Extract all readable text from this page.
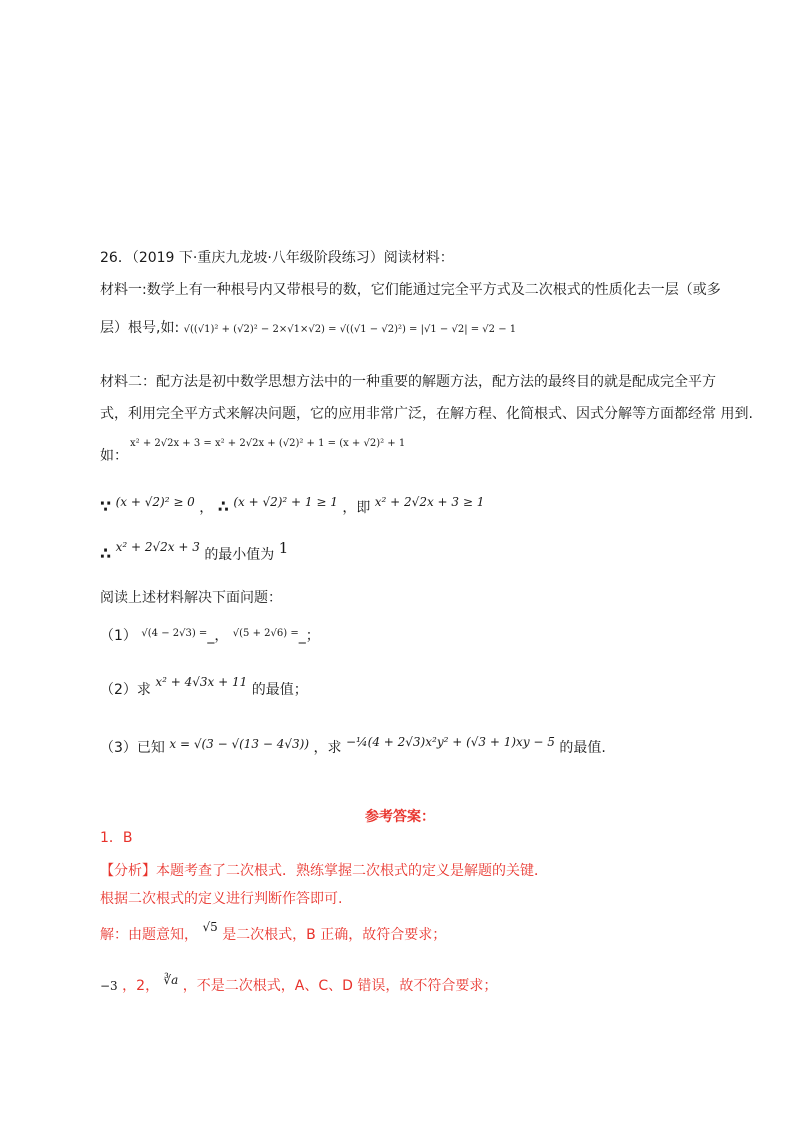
26．（2019 下·重庆九龙坡·八年级阶段练习）阅读材料：
材料一:数学上有一种根号内又带根号的数，它们能通过完全平方式及二次根式的性质化去一层（或多
层）根号,如: √((√1)² + (√2)² − 2×√1×√2) = √((√1 − √2)²) = |√1 − √2| = √2 − 1
材料二：配方法是初中数学思想方法中的一种重要的解题方法，配方法的最终目的就是配成完全平方
式，利用完全平方式来解决问题，它的应用非常广泛，在解方程、化简根式、因式分解等方面都经常 用到.
x² + 2√2x + 3 = x² + 2√2x + (√2)² + 1 = (x + √2)² + 1
如：
∵ (x + √2)² ≥ 0 ， ∴ (x + √2)² + 1 ≥ 1 ，即 x² + 2√2x + 3 ≥ 1
∴ x² + 2√2x + 3 的最小值为 1
阅读上述材料解决下面问题：
（1） $^{√(4 - 2√3) =}$_， $^{√(5 + 2√6) =}$_；
（2）求 x² + 4√3x + 11 的最值；
（3）已知 x = √(3 − √(13 − 4√3)) ，求 −¼(4 + 2√3)x²y² + (√3 + 1)xy − 5 的最值.
参考答案：
1．B
【分析】本题考查了二次根式．熟练掌握二次根式的定义是解题的关键．
根据二次根式的定义进行判断作答即可.
解：由题意知， √5 是二次根式，B 正确，故符合要求；
−3 ，2， ∛a ，不是二次根式，A、C、D 错误，故不符合要求；
